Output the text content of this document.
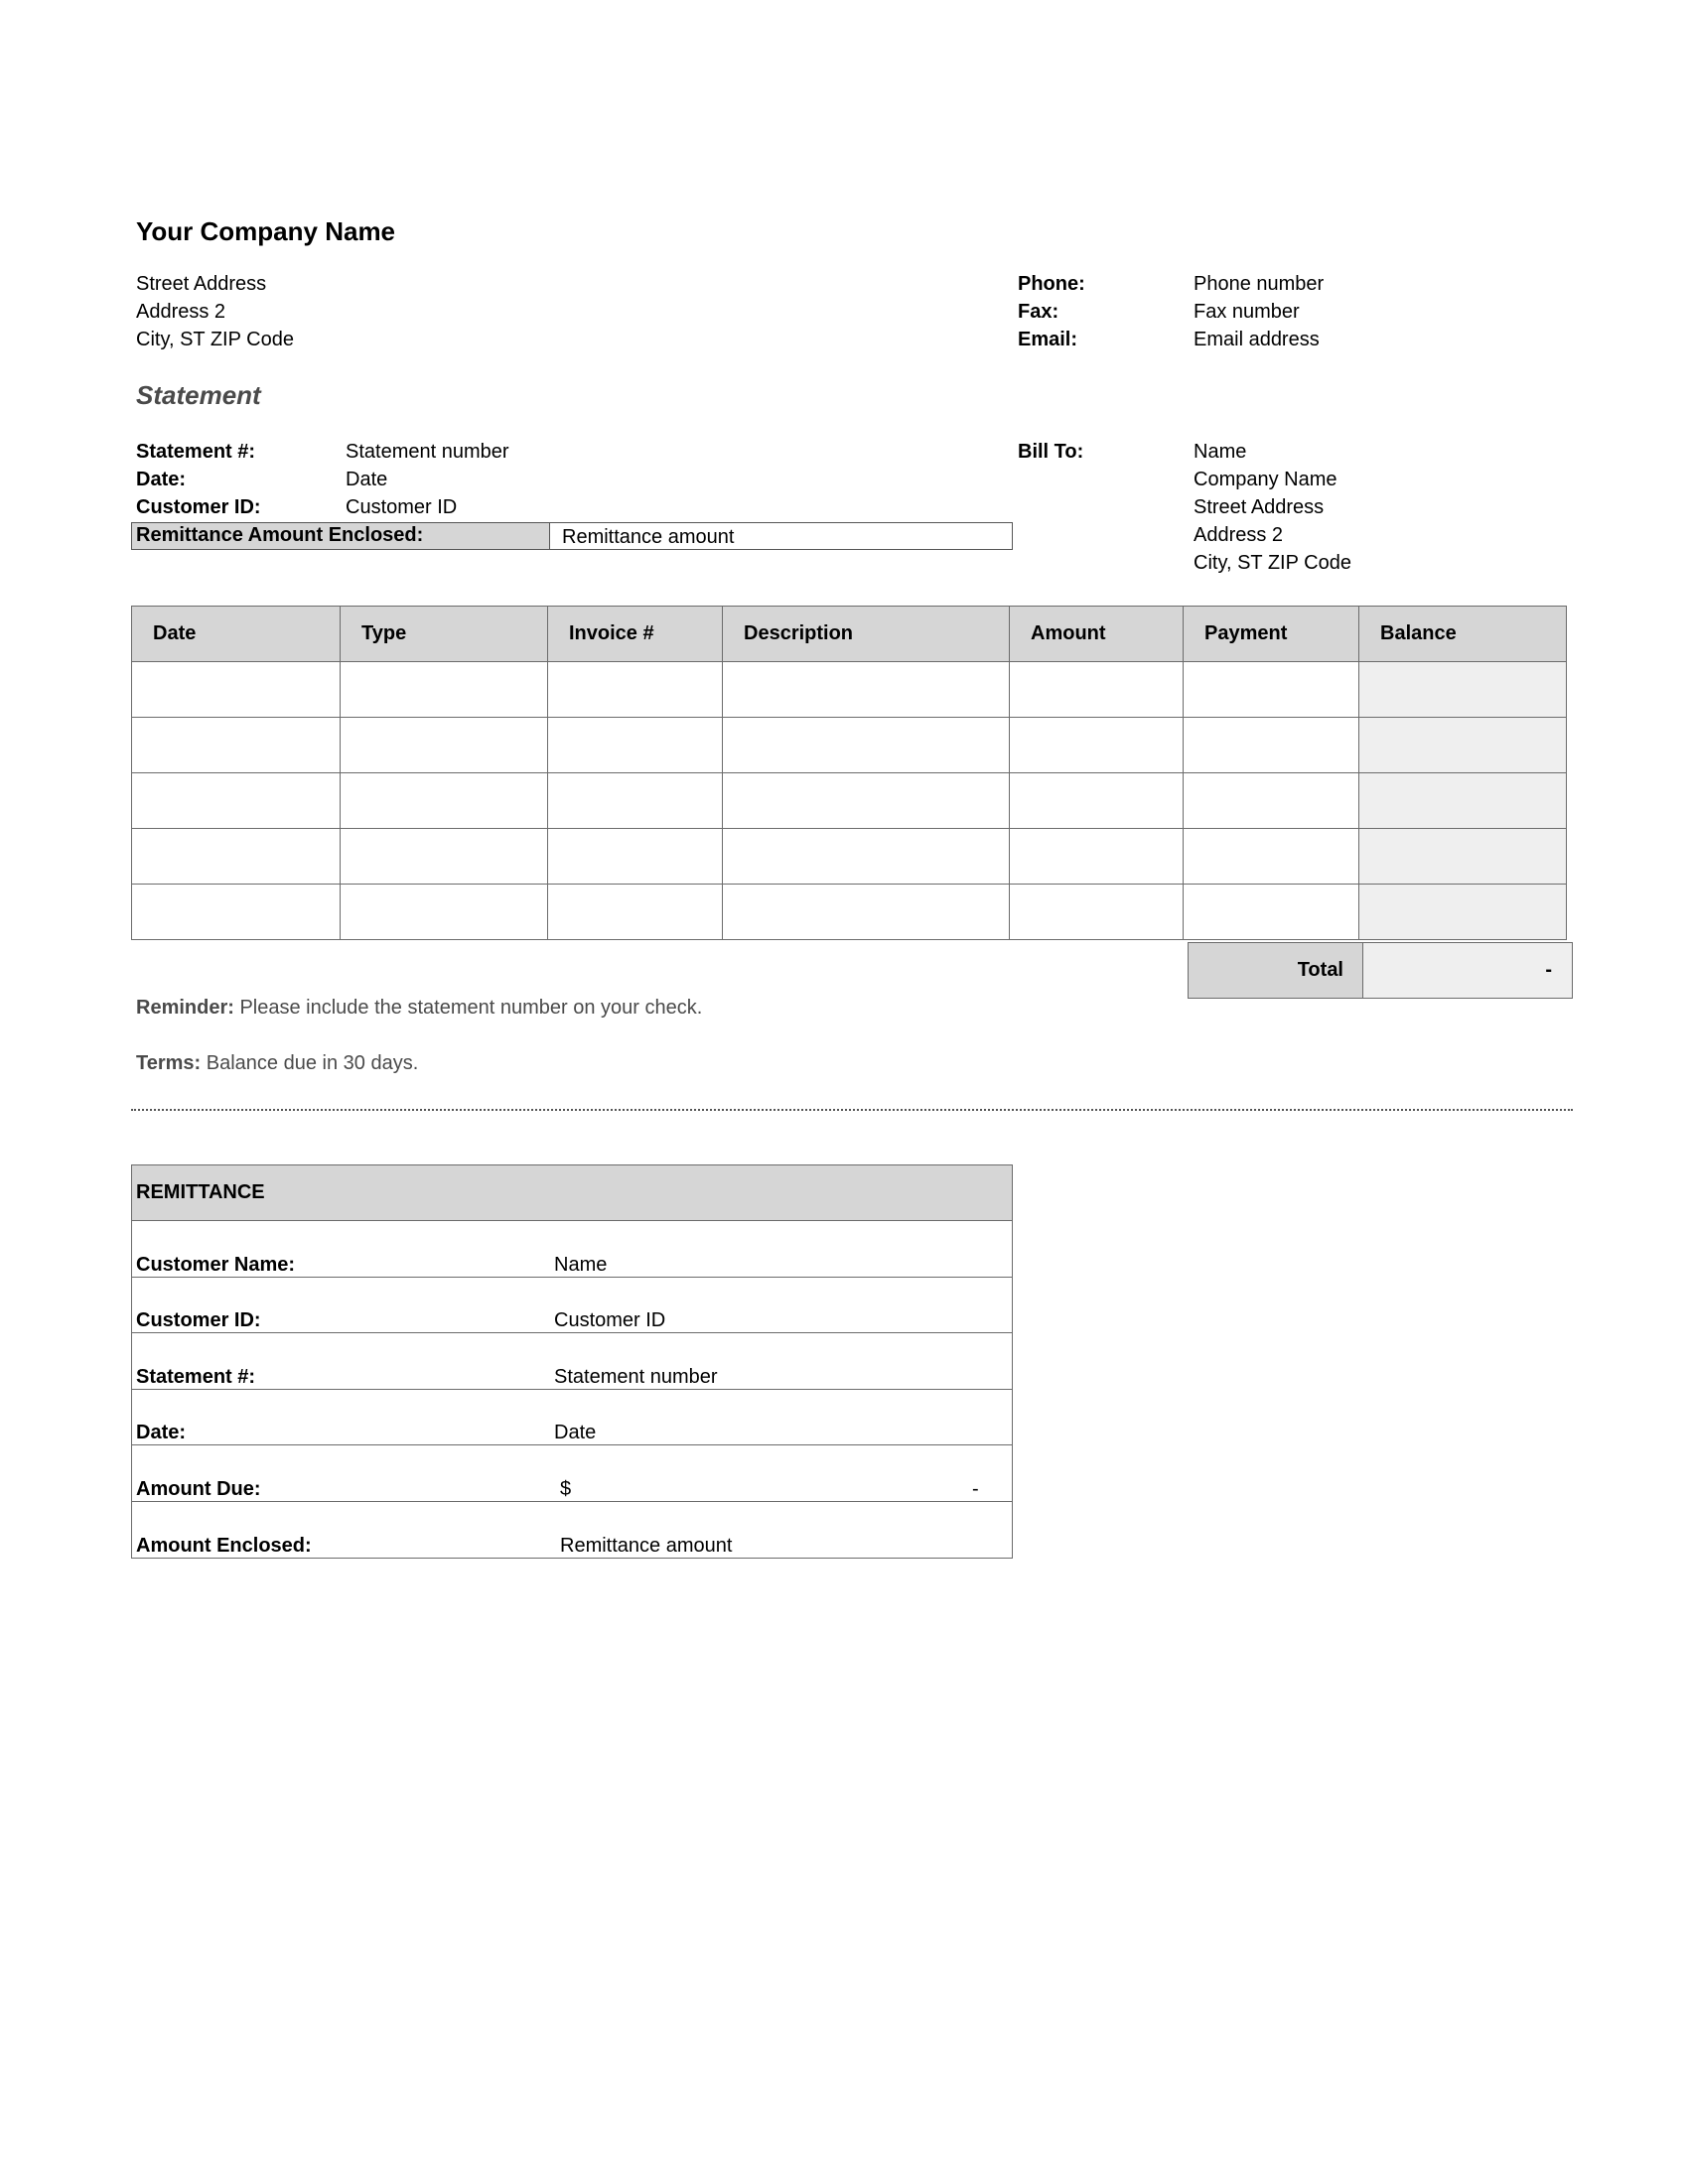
Your Company Name
Street Address
Address 2
City, ST ZIP Code
Phone:	Phone number
Fax:	Fax number
Email:	Email address
Statement
Statement #:	Statement number
Date:	Date
Customer ID:	Customer ID
Remittance Amount Enclosed:	Remittance amount
Bill To:	Name
Company Name
Street Address
Address 2
City, ST ZIP Code
Date	Type	Invoice #	Description	Amount	Payment	Balance

Total	-
Reminder: Please include the statement number on your check.
Terms: Balance due in 30 days.
REMITTANCE
Customer Name:	Name
Customer ID:	Customer ID
Statement #:	Statement number
Date:	Date
Amount Due:	$	-
Amount Enclosed:	Remittance amount
